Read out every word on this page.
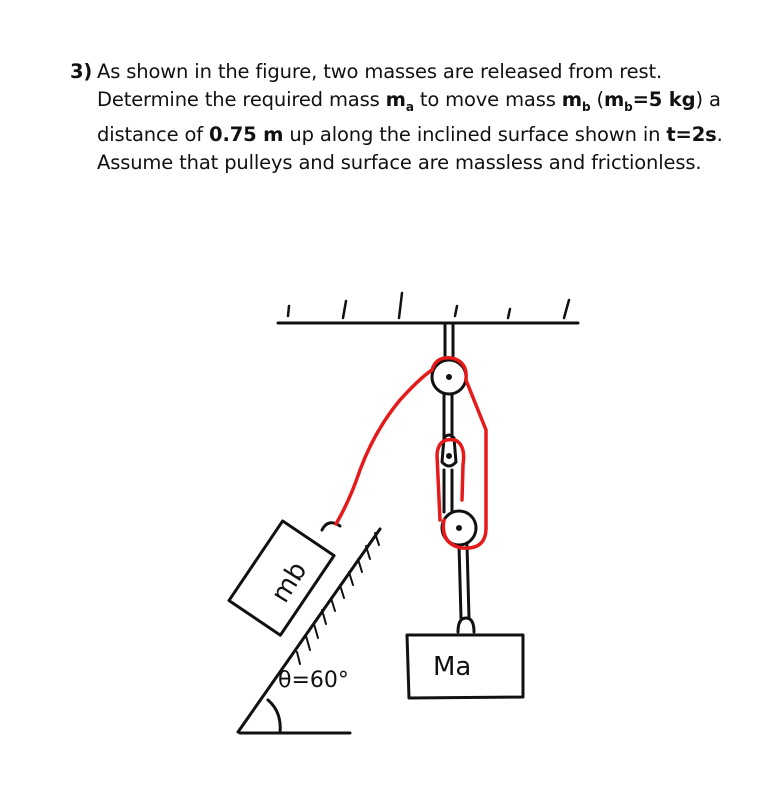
3) As shown in the figure, two masses are released from rest.
Determine the required mass $m_a$ to move mass $m_b$ ($m_b=5$ kg) a
distance of 0.75 m up along the inclined surface shown in t=2s.
Assume that pulleys and surface are massless and frictionless.
mb
Ma
θ=60°
